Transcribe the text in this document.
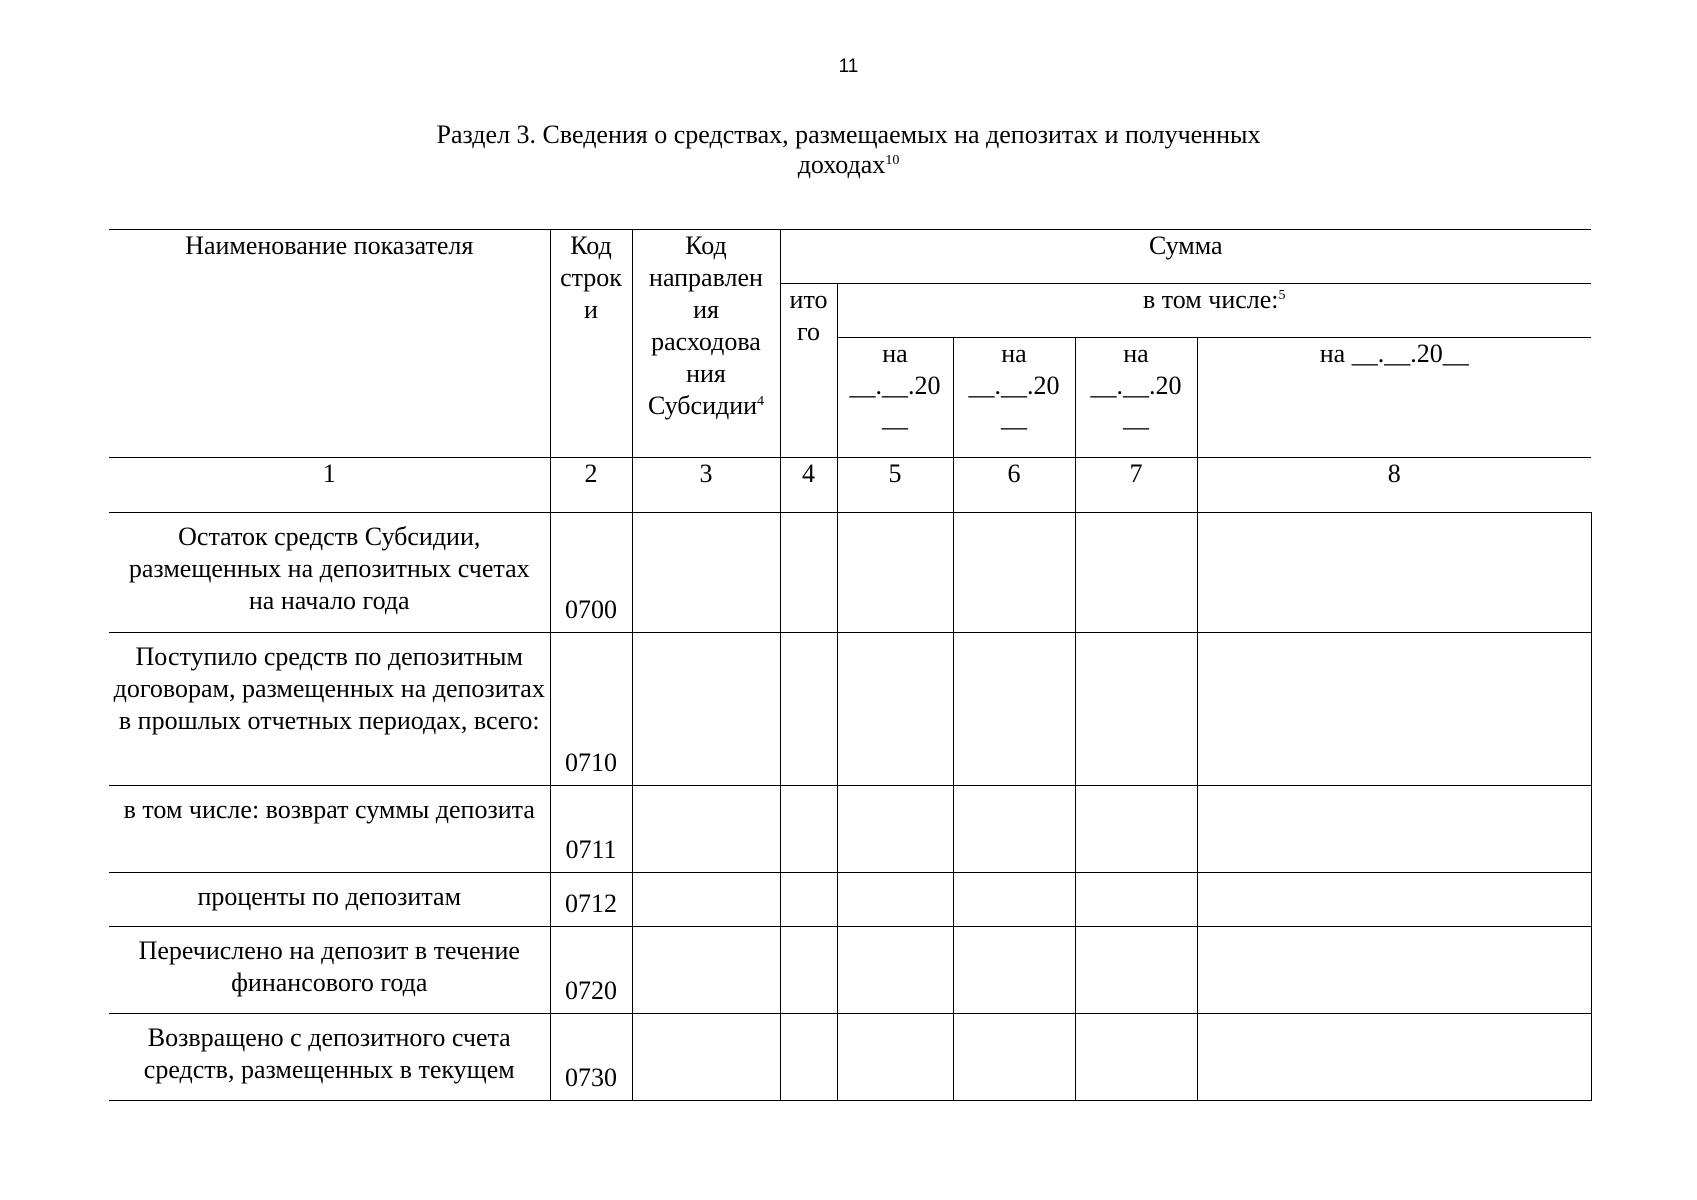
11
Раздел 3. Сведения о средствах, размещаемых на депозитах и полученных
доходах$^{10}$
Наименование показателя	Код строк и	Код направлен ия расходова ния Субсидии$^4$	Сумма				
			ито го	в том числе:$^5$
				на __.__.20 __	на __.__.20 __	на __.__.20 __	на __.__.20__
1	2	3	4	5	6	7	8
Остаток средств Субсидии, размещенных на депозитных счетах на начало года	0700						
Поступило средств по депозитным договорам, размещенных на депозитах в прошлых отчетных периодах, всего:	0710						
в том числе: возврат суммы депозита	0711						
проценты по депозитам	0712						
Перечислено на депозит в течение финансового года	0720						
Возвращено с депозитного счета средств, размещенных в текущем	0730						
